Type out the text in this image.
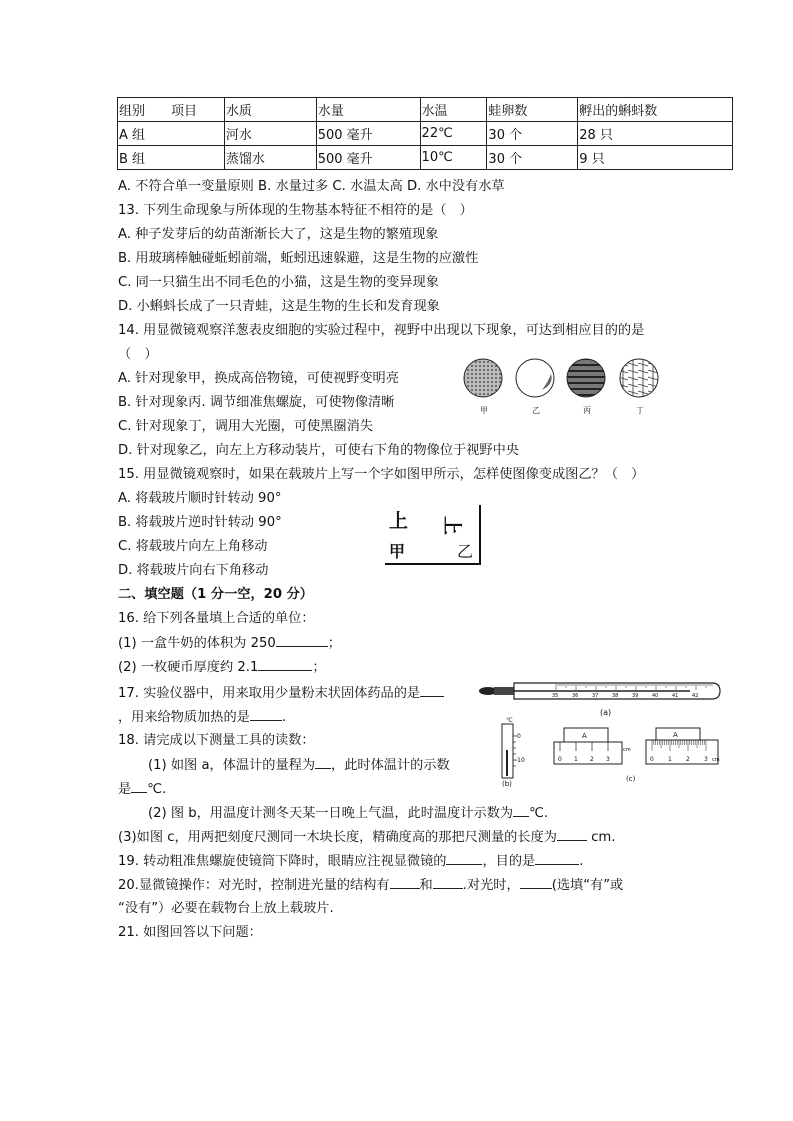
组别　　项目	水质	水量	水温	蛙卵数	孵出的蝌蚪数
A 组	河水	500 毫升	22℃	30 个	28 只
B 组	蒸馏水	500 毫升	10℃	30 个	9 只
A. 不符合单一变量原则 B. 水量过多 C. 水温太高 D. 水中没有水草
13. 下列生命现象与所体现的生物基本特征不相符的是（　）
A. 种子发芽后的幼苗渐渐长大了，这是生物的繁殖现象
B. 用玻璃棒触碰蚯蚓前端，蚯蚓迅速躲避，这是生物的应激性
C. 同一只猫生出不同毛色的小猫，这是生物的变异现象
D. 小蝌蚪长成了一只青蛙，这是生物的生长和发育现象
14. 用显微镜观察洋葱表皮细胞的实验过程中，视野中出现以下现象，可达到相应目的的是
（　）
A. 针对现象甲，换成高倍物镜，可使视野变明亮
B. 针对现象丙. 调节细准焦螺旋，可使物像清晰
C. 针对现象丁，调用大光圈，可使黑圈消失
D. 针对现象乙，向左上方移动装片，可使右下角的物像位于视野中央
甲	乙	丙	丁
15. 用显微镜观察时，如果在载玻片上写一个字如图甲所示，怎样使图像变成图乙？（　）
A. 将载玻片顺时针转动 90°
B. 将载玻片逆时针转动 90°
C. 将载玻片向左上角移动
D. 将载玻片向右下角移动
上 上
甲	乙
二、填空题（1 分一空，20 分）
16. 给下列各量填上合适的单位：
(1) 一盒牛奶的体积为 250	；
(2) 一枚硬币厚度约 2.1	；
17. 实验仪器中，用来取用少量粉末状固体药品的是
，用来给物质加热的是 .
18. 请完成以下测量工具的读数：
(1) 如图 a，体温计的量程为 ，此时体温计的示数
是 ℃.
(2) 图 b，用温度计测冬天某一日晚上气温，此时温度计示数为 ℃.
(3)如图 c，用两把刻度尺测同一木块长度，精确度高的那把尺测量的长度为 cm.
19. 转动粗准焦螺旋使镜筒下降时，眼睛应注视显微镜的	，目的是	.
20.显微镜操作：对光时，控制进光量的结构有 和 .对光时， (选填“有”或
“没有”）必要在载物台上放上载玻片.
21. 如图回答以下问题：
35	36	37	38	39	40	41	42
(a)
℃
0
-10
(b)
A
0 1 2 3
cm
A
0 1 2 3 cm
(c)
